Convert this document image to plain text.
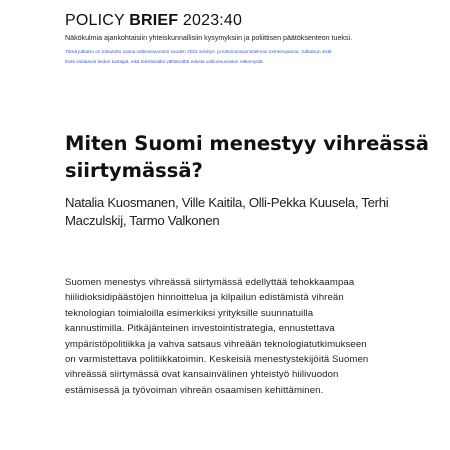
POLICY BRIEF 2023:40
Näkökulmia ajankohtaisiin yhteiskunnallisiin kysymyksiin ja poliittisen päätöksenteon tueksi.
Tämä julkaisu on toteutettu osana valtioneuvoston vuoden 2022 selvitys- ja tutkimussuunnitelman toimeenpanoa. Julkaisun sisäl-
löstä vastaavat tiedon tuottajat, eikä tekstisisältö välttämättä edusta valtioneuvoston näkemystä.
Miten Suomi menestyy vihreässä siirtymässä?

Natalia Kuosmanen, Ville Kaitila, Olli-Pekka Kuusela, Terhi Maczulskij, Tarmo Valkonen

Suomen menestys vihreässä siirtymässä edellyttää tehokkaampaa
hiilidioksidipäästöjen hinnoittelua ja kilpailun edistämistä vihreän
teknologian toimialoilla esimerkiksi yrityksille suunnatuilla
kannustimilla. Pitkäjänteinen investointistrategia, ennustettava
ympäristöpolitiikka ja vahva satsaus vihreään teknologiatutkimukseen
on varmistettava politiikkatoimin. Keskeisiä menestystekijöitä Suomen
vihreässä siirtymässä ovat kansainvälinen yhteistyö hiilivuodon
estämisessä ja työvoiman vihreän osaamisen kehittäminen.
